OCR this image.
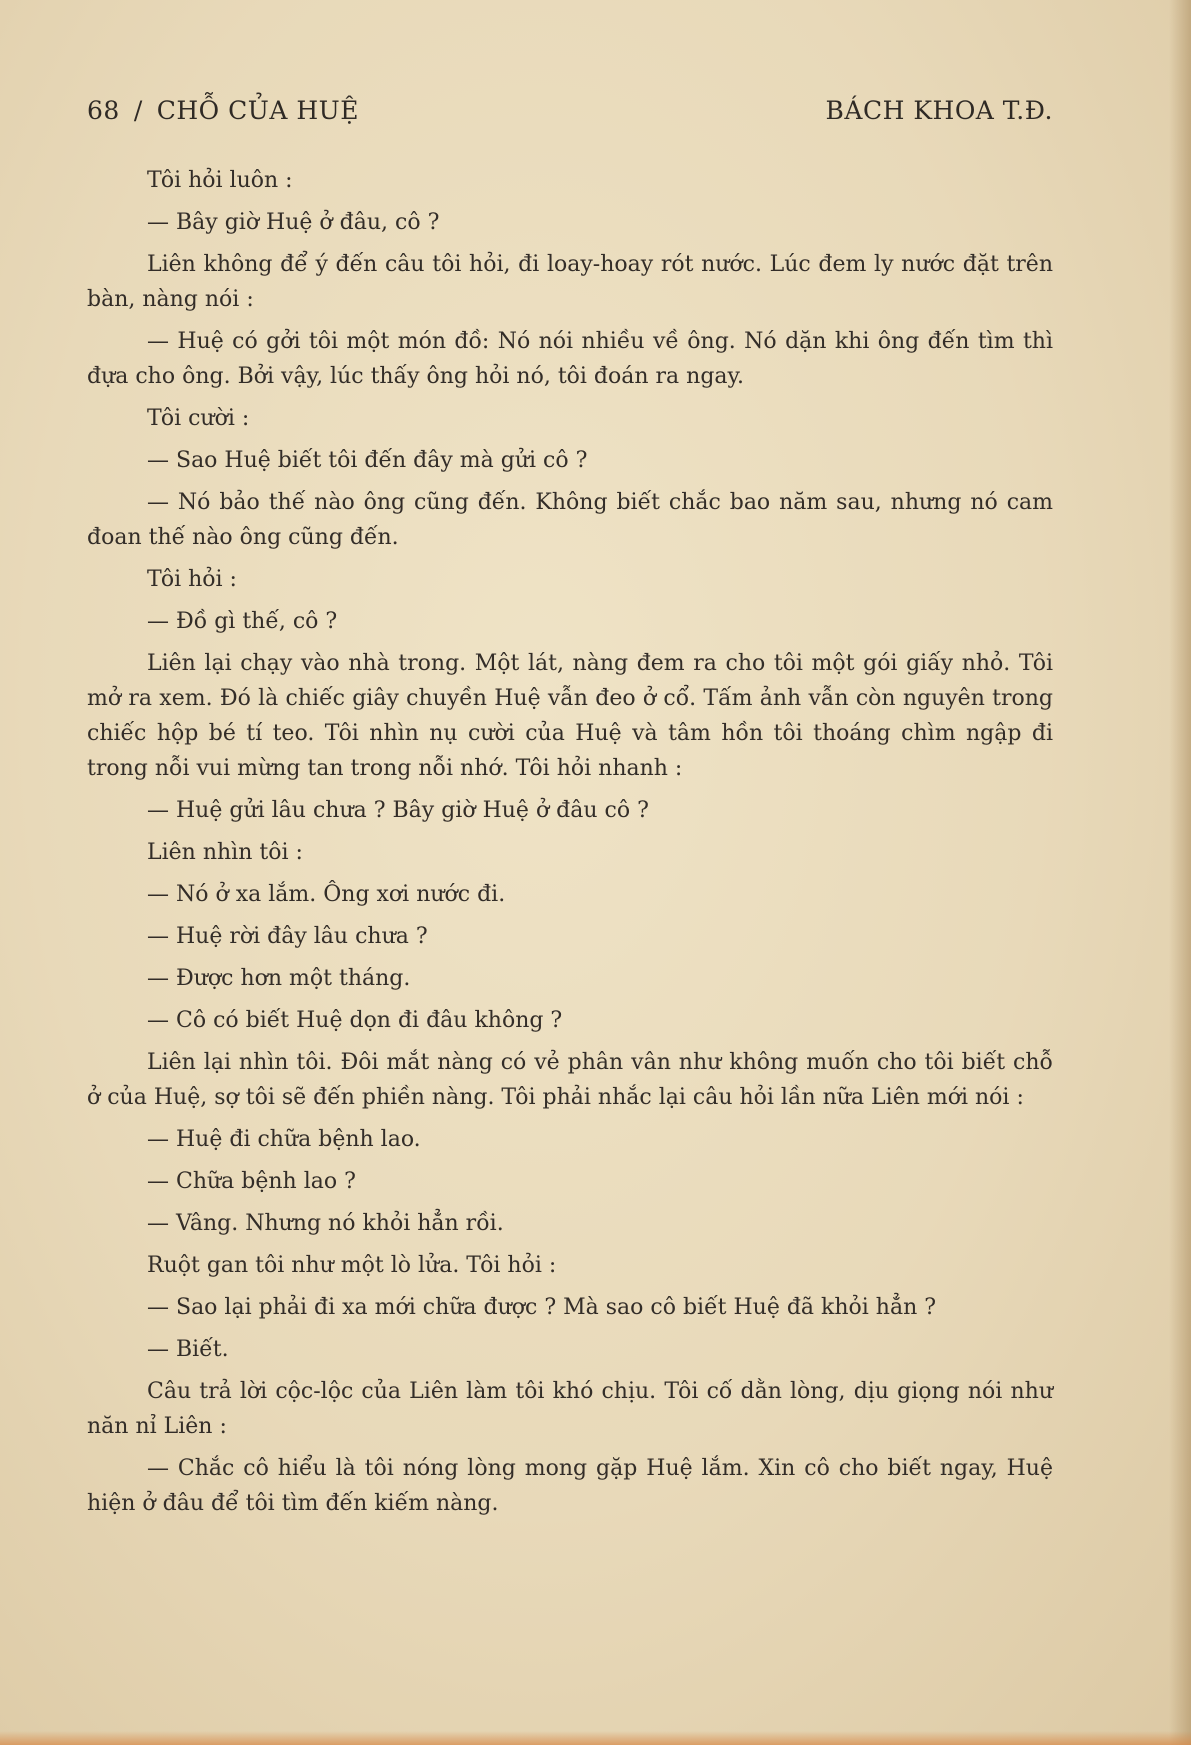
68 / CHỖ CỦA HUỆ	BÁCH KHOA T.Đ.

Tôi hỏi luôn :

— Bây giờ Huệ ở đâu, cô ?

Liên không để ý đến câu tôi hỏi, đi loay-hoay rót nước. Lúc đem ly nước đặt trên bàn, nàng nói :

— Huệ có gởi tôi một món đồ: Nó nói nhiều về ông. Nó dặn khi ông đến tìm thì đựa cho ông. Bởi vậy, lúc thấy ông hỏi nó, tôi đoán ra ngay.

Tôi cười :

— Sao Huệ biết tôi đến đây mà gửi cô ?

— Nó bảo thế nào ông cũng đến. Không biết chắc bao năm sau, nhưng nó cam đoan thế nào ông cũng đến.

Tôi hỏi :

— Đồ gì thế, cô ?

Liên lại chạy vào nhà trong. Một lát, nàng đem ra cho tôi một gói giấy nhỏ. Tôi mở ra xem. Đó là chiếc giây chuyền Huệ vẫn đeo ở cổ. Tấm ảnh vẫn còn nguyên trong chiếc hộp bé tí teo. Tôi nhìn nụ cười của Huệ và tâm hồn tôi thoáng chìm ngập đi trong nỗi vui mừng tan trong nỗi nhớ. Tôi hỏi nhanh :

— Huệ gửi lâu chưa ? Bây giờ Huệ ở đâu cô ?

Liên nhìn tôi :

— Nó ở xa lắm. Ông xơi nước đi.

— Huệ rời đây lâu chưa ?

— Được hơn một tháng.

— Cô có biết Huệ dọn đi đâu không ?

Liên lại nhìn tôi. Đôi mắt nàng có vẻ phân vân như không muốn cho tôi biết chỗ ở của Huệ, sợ tôi sẽ đến phiền nàng. Tôi phải nhắc lại câu hỏi lần nữa Liên mới nói :

— Huệ đi chữa bệnh lao.

— Chữa bệnh lao ?

— Vâng. Nhưng nó khỏi hẳn rồi.

Ruột gan tôi như một lò lửa. Tôi hỏi :

— Sao lại phải đi xa mới chữa được ? Mà sao cô biết Huệ đã khỏi hẳn ?

— Biết.

Câu trả lời cộc-lộc của Liên làm tôi khó chịu. Tôi cố dằn lòng, dịu giọng nói như năn nỉ Liên :

— Chắc cô hiểu là tôi nóng lòng mong gặp Huệ lắm. Xin cô cho biết ngay, Huệ hiện ở đâu để tôi tìm đến kiếm nàng.
